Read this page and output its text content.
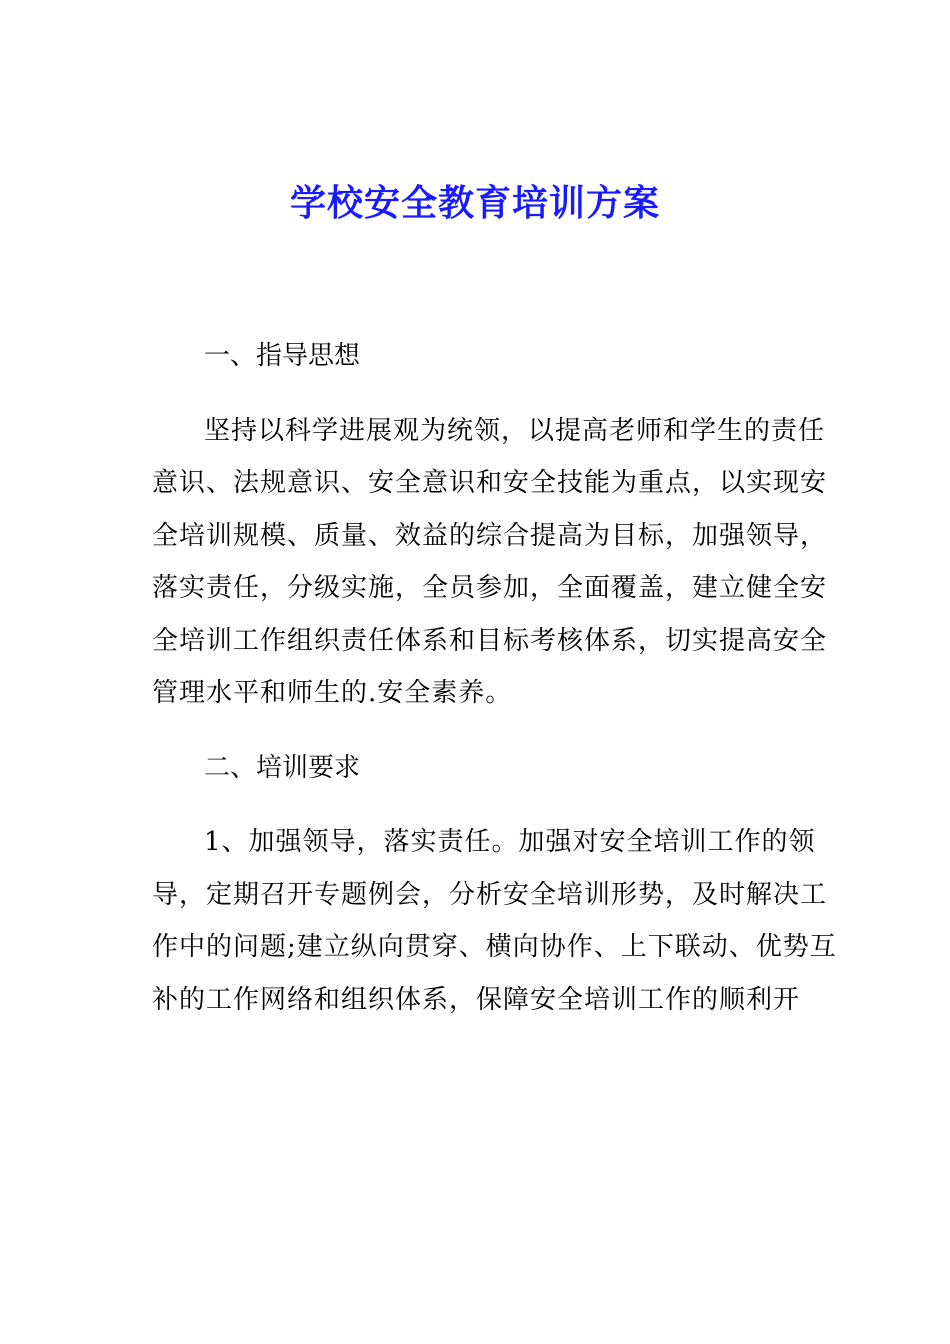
学校安全教育培训方案
一、指导思想
坚持以科学进展观为统领，以提高老师和学生的责任
意识、法规意识、安全意识和安全技能为重点，以实现安
全培训规模、质量、效益的综合提高为目标，加强领导，
落实责任，分级实施，全员参加，全面覆盖，建立健全安
全培训工作组织责任体系和目标考核体系，切实提高安全
管理水平和师生的.安全素养。
二、培训要求
1、加强领导，落实责任。加强对安全培训工作的领
导，定期召开专题例会，分析安全培训形势，及时解决工
作中的问题;建立纵向贯穿、横向协作、上下联动、优势互
补的工作网络和组织体系，保障安全培训工作的顺利开
